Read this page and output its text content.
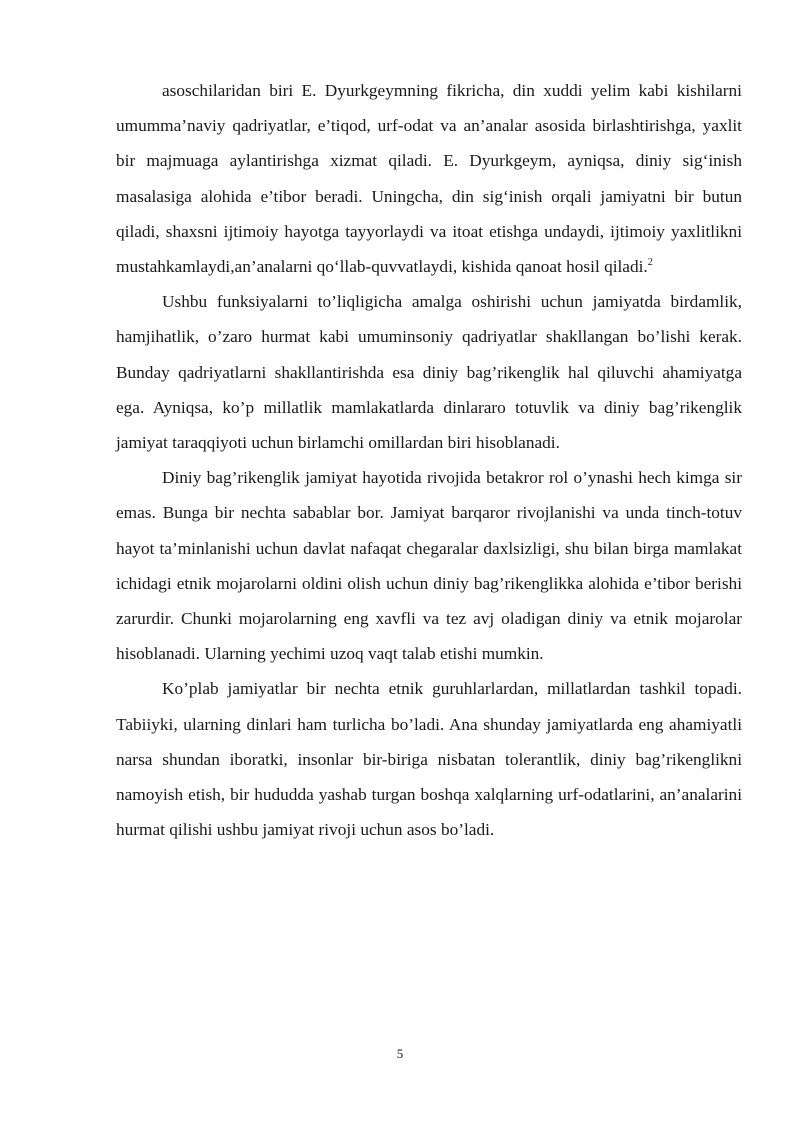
asoschilaridan biri E. Dyurkgeymning fikricha, din xuddi yelim kabi kishilarni umumma’naviy qadriyatlar, e’tiqod, urf-odat va an’analar asosida birlashtirishga, yaxlit bir majmuaga aylantirishga xizmat qiladi. E. Dyurkgeym, ayniqsa, diniy sig‘inish masalasiga alohida e’tibor beradi. Uningcha, din sig‘inish orqali jamiyatni bir butun qiladi, shaxsni ijtimoiy hayotga tayyorlaydi va itoat etishga undaydi, ijtimoiy yaxlitlikni mustahkamlaydi,an’analarni qo‘llab-quvvatlaydi, kishida qanoat hosil qiladi.$^2$

Ushbu funksiyalarni to’liqligicha amalga oshirishi uchun jamiyatda birdamlik, hamjihatlik, o’zaro hurmat kabi umuminsoniy qadriyatlar shakllangan bo’lishi kerak. Bunday qadriyatlarni shakllantirishda esa diniy bag’rikenglik hal qiluvchi ahamiyatga ega. Ayniqsa, ko’p millatlik mamlakatlarda dinlararo totuvlik va diniy bag’rikenglik jamiyat taraqqiyoti uchun birlamchi omillardan biri hisoblanadi.

Diniy bag’rikenglik jamiyat hayotida rivojida betakror rol o’ynashi hech kimga sir emas. Bunga bir nechta sabablar bor. Jamiyat barqaror rivojlanishi va unda tinch-totuv hayot ta’minlanishi uchun davlat nafaqat chegaralar daxlsizligi, shu bilan birga mamlakat ichidagi etnik mojarolarni oldini olish uchun diniy bag’rikenglikka alohida e’tibor berishi zarurdir. Chunki mojarolarning eng xavfli va tez avj oladigan diniy va etnik mojarolar hisoblanadi. Ularning yechimi uzoq vaqt talab etishi mumkin.

Ko’plab jamiyatlar bir nechta etnik guruhlarlardan, millatlardan tashkil topadi. Tabiiyki, ularning dinlari ham turlicha bo’ladi. Ana shunday jamiyatlarda eng ahamiyatli narsa shundan iboratki, insonlar bir-biriga nisbatan tolerantlik, diniy bag’rikenglikni namoyish etish, bir hududda yashab turgan boshqa xalqlarning urf-odatlarini, an’analarini hurmat qilishi ushbu jamiyat rivoji uchun asos bo’ladi.

5
